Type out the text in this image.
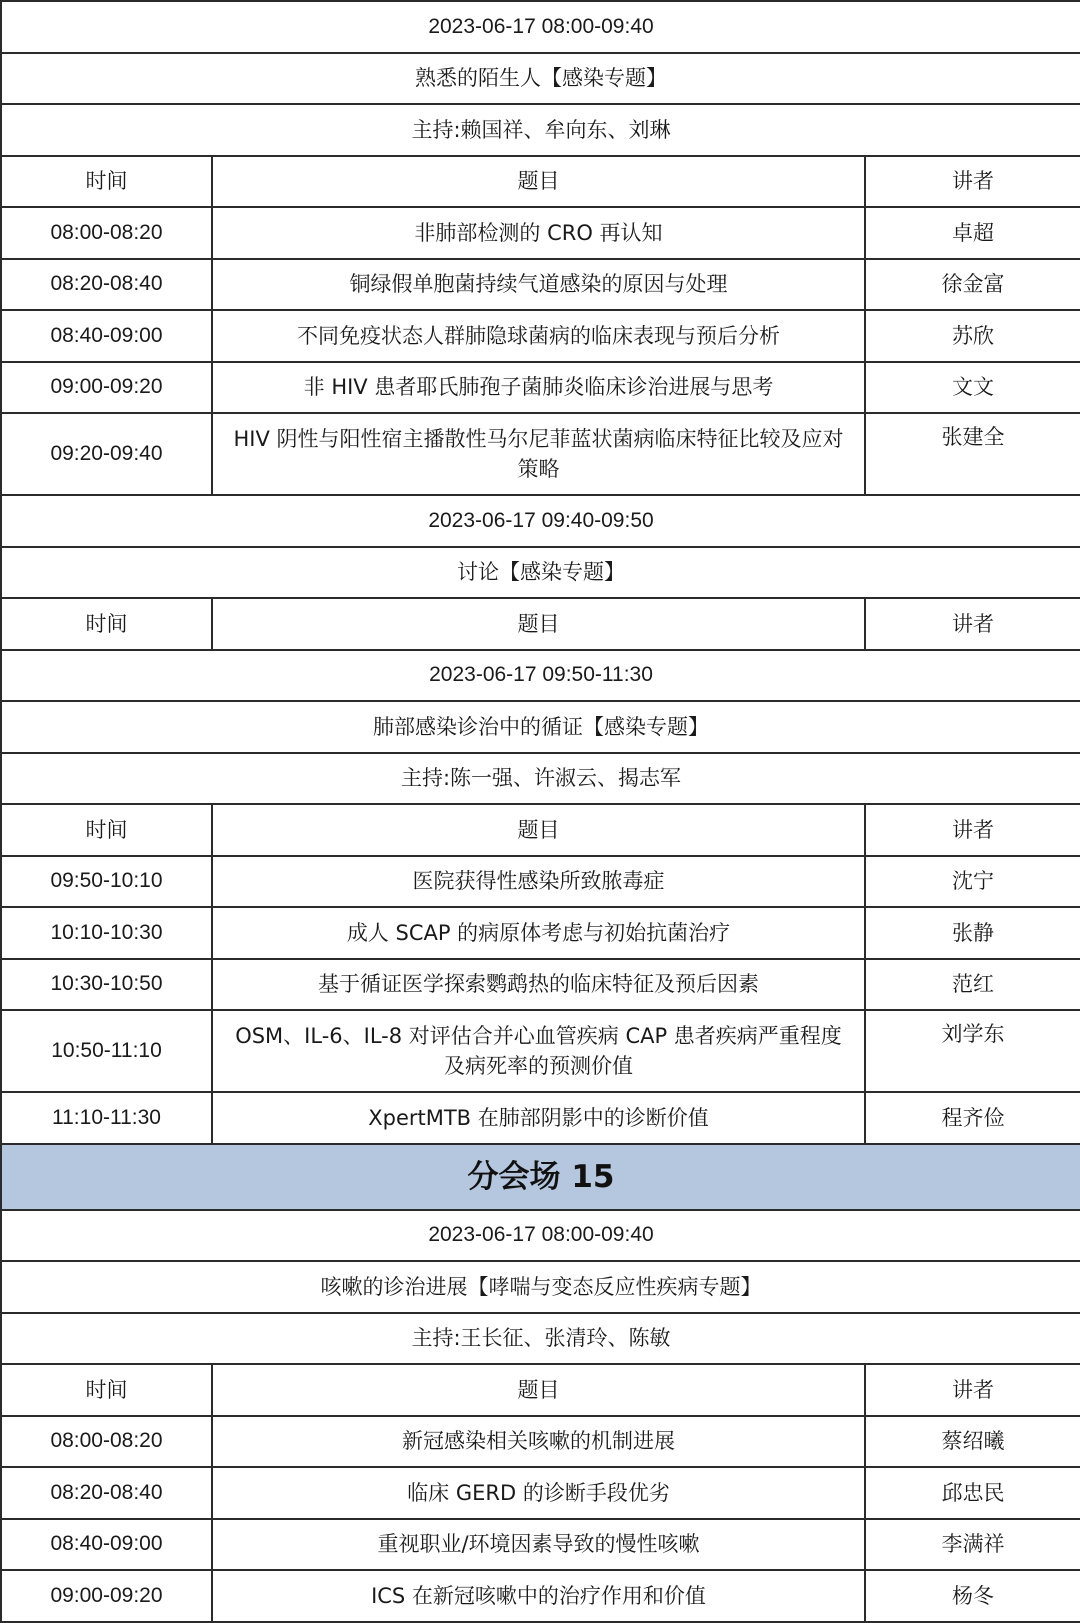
2023-06-17 08:00-09:40		
熟悉的陌生人【感染专题】		
主持:赖国祥、牟向东、刘琳		
时间	题目	讲者
08:00-08:20	非肺部检测的 CRO 再认知	卓超
08:20-08:40	铜绿假单胞菌持续气道感染的原因与处理	徐金富
08:40-09:00	不同免疫状态人群肺隐球菌病的临床表现与预后分析	苏欣
09:00-09:20	非 HIV 患者耶氏肺孢子菌肺炎临床诊治进展与思考	文文
09:20-09:40	HIV 阴性与阳性宿主播散性马尔尼菲蓝状菌病临床特征比较及应对策略	张建全
2023-06-17 09:40-09:50		
讨论【感染专题】		
时间	题目	讲者
2023-06-17 09:50-11:30		
肺部感染诊治中的循证【感染专题】		
主持:陈一强、许淑云、揭志军		
时间	题目	讲者
09:50-10:10	医院获得性感染所致脓毒症	沈宁
10:10-10:30	成人 SCAP 的病原体考虑与初始抗菌治疗	张静
10:30-10:50	基于循证医学探索鹦鹉热的临床特征及预后因素	范红
10:50-11:10	OSM、IL-6、IL-8 对评估合并心血管疾病 CAP 患者疾病严重程度及病死率的预测价值	刘学东
11:10-11:30	XpertMTB 在肺部阴影中的诊断价值	程齐俭
分会场 15		
2023-06-17 08:00-09:40		
咳嗽的诊治进展【哮喘与变态反应性疾病专题】		
主持:王长征、张清玲、陈敏		
时间	题目	讲者
08:00-08:20	新冠感染相关咳嗽的机制进展	蔡绍曦
08:20-08:40	临床 GERD 的诊断手段优劣	邱忠民
08:40-09:00	重视职业/环境因素导致的慢性咳嗽	李满祥
09:00-09:20	ICS 在新冠咳嗽中的治疗作用和价值	杨冬
